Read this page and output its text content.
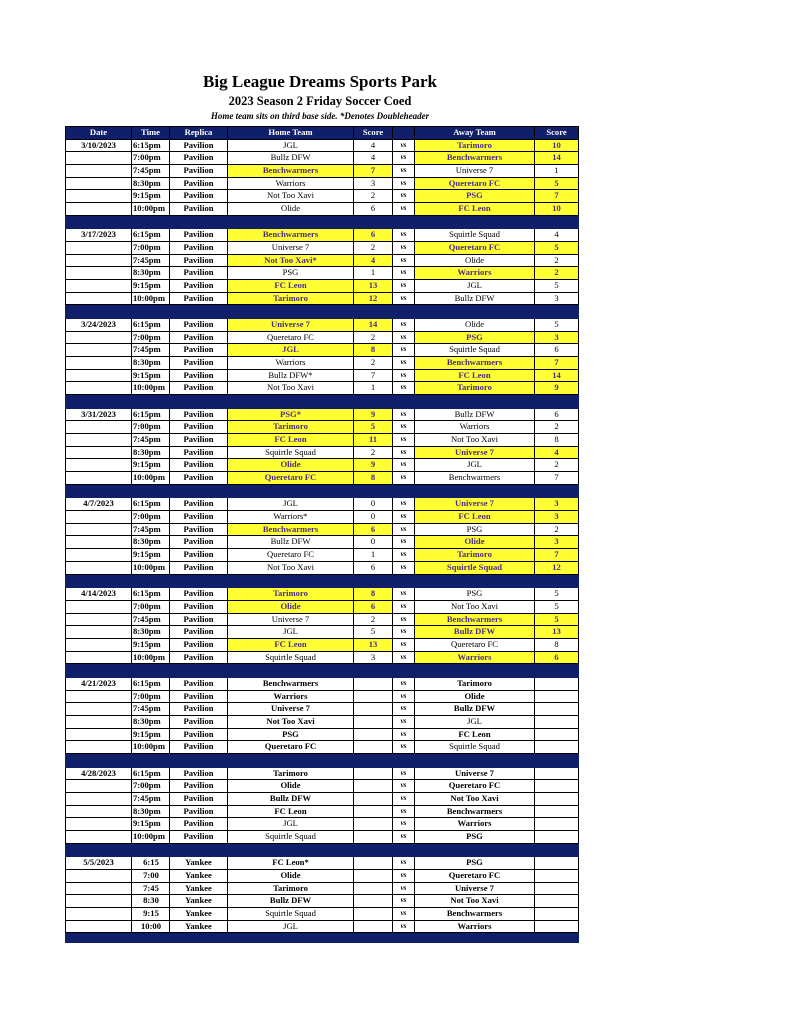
Big League Dreams Sports Park
2023 Season 2 Friday Soccer Coed
Home team sits on third base side. *Denotes Doubleheader
Date	Time	Replica	Home Team	Score		Away Team	Score
3/10/2023	6:15pm	Pavilion	JGL	4	vs	Tarimoro	10
	7:00pm	Pavilion	Bullz DFW	4	vs	Benchwarmers	14
	7:45pm	Pavilion	Benchwarmers	7	vs	Universe 7	1
	8:30pm	Pavilion	Warriors	3	vs	Queretaro FC	5
	9:15pm	Pavilion	Not Too Xavi	2	vs	PSG	7
	10:00pm	Pavilion	Olide	6	vs	FC Leon	10

3/17/2023	6:15pm	Pavilion	Benchwarmers	6	vs	Squirtle Squad	4
	7:00pm	Pavilion	Universe 7	2	vs	Queretaro FC	5
	7:45pm	Pavilion	Not Too Xavi*	4	vs	Olide	2
	8:30pm	Pavilion	PSG	1	vs	Warriors	2
	9:15pm	Pavilion	FC Leon	13	vs	JGL	5
	10:00pm	Pavilion	Tarimoro	12	vs	Bullz DFW	3

3/24/2023	6:15pm	Pavilion	Universe 7	14	vs	Olide	5
	7:00pm	Pavilion	Queretaro FC	2	vs	PSG	3
	7:45pm	Pavilion	JGL	8	vs	Squirtle Squad	6
	8:30pm	Pavilion	Warriors	2	vs	Benchwarmers	7
	9:15pm	Pavilion	Bullz DFW*	7	vs	FC Leon	14
	10:00pm	Pavilion	Not Too Xavi	1	vs	Tarimoro	9

3/31/2023	6:15pm	Pavilion	PSG*	9	vs	Bullz DFW	6
	7:00pm	Pavilion	Tarimoro	5	vs	Warriors	2
	7:45pm	Pavilion	FC Leon	11	vs	Not Too Xavi	8
	8:30pm	Pavilion	Squirtle Squad	2	vs	Universe 7	4
	9:15pm	Pavilion	Olide	9	vs	JGL	2
	10:00pm	Pavilion	Queretaro FC	8	vs	Benchwarmers	7

4/7/2023	6:15pm	Pavilion	JGL	0	vs	Universe 7	3
	7:00pm	Pavilion	Warriors*	0	vs	FC Leon	3
	7:45pm	Pavilion	Benchwarmers	6	vs	PSG	2
	8:30pm	Pavilion	Bullz DFW	0	vs	Olide	3
	9:15pm	Pavilion	Queretaro FC	1	vs	Tarimoro	7
	10:00pm	Pavilion	Not Too Xavi	6	vs	Squirtle Squad	12

4/14/2023	6:15pm	Pavilion	Tarimoro	8	vs	PSG	5
	7:00pm	Pavilion	Olide	6	vs	Not Too Xavi	5
	7:45pm	Pavilion	Universe 7	2	vs	Benchwarmers	5
	8:30pm	Pavilion	JGL	5	vs	Bullz DFW	13
	9:15pm	Pavilion	FC Leon	13	vs	Queretaro FC	8
	10:00pm	Pavilion	Squirtle Squad	3	vs	Warriors	6

4/21/2023	6:15pm	Pavilion	Benchwarmers		vs	Tarimoro	
	7:00pm	Pavilion	Warriors		vs	Olide	
	7:45pm	Pavilion	Universe 7		vs	Bullz DFW	
	8:30pm	Pavilion	Not Too Xavi		vs	JGL	
	9:15pm	Pavilion	PSG		vs	FC Leon	
	10:00pm	Pavilion	Queretaro FC		vs	Squirtle Squad	

4/28/2023	6:15pm	Pavilion	Tarimoro		vs	Universe 7	
	7:00pm	Pavilion	Olide		vs	Queretaro FC	
	7:45pm	Pavilion	Bullz DFW		vs	Not Too Xavi	
	8:30pm	Pavilion	FC Leon		vs	Benchwarmers	
	9:15pm	Pavilion	JGL		vs	Warriors	
	10:00pm	Pavilion	Squirtle Squad		vs	PSG	

5/5/2023	6:15	Yankee	FC Leon*		vs	PSG	
	7:00	Yankee	Olide		vs	Queretaro FC	
	7:45	Yankee	Tarimoro		vs	Universe 7	
	8:30	Yankee	Bullz DFW		vs	Not Too Xavi	
	9:15	Yankee	Squirtle Squad		vs	Benchwarmers	
	10:00	Yankee	JGL		vs	Warriors	
